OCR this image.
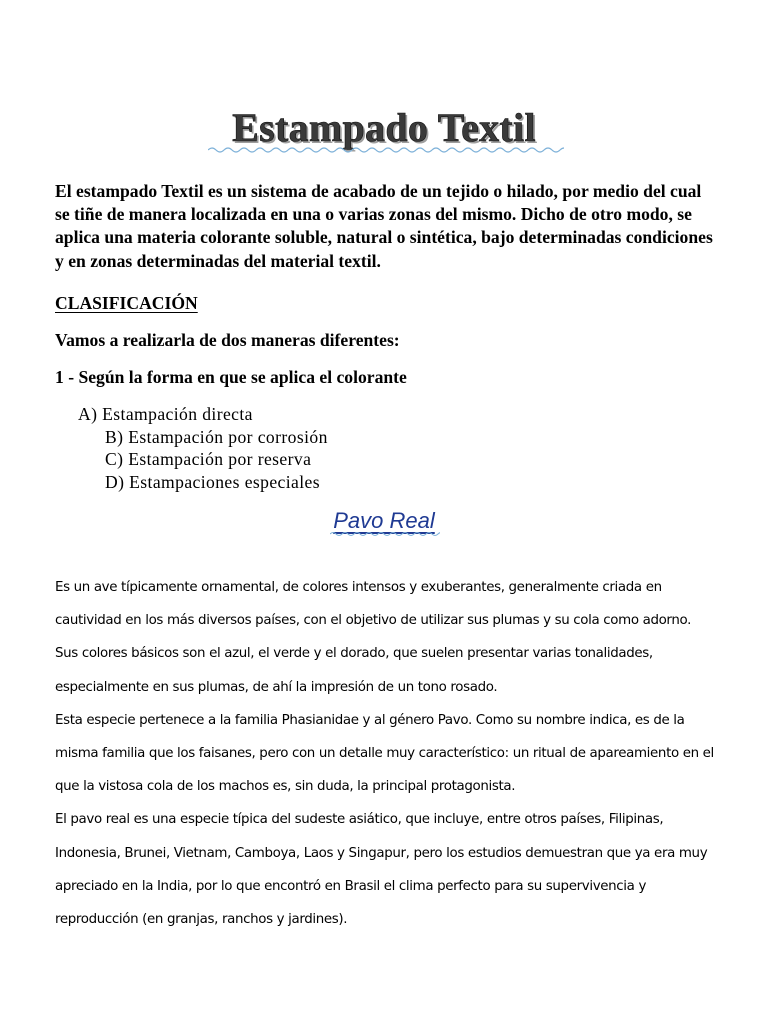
Estampado Textil

El estampado Textil es un sistema de acabado de un tejido o hilado, por medio del cual se tiñe de manera localizada en una o varias zonas del mismo. Dicho de otro modo, se aplica una materia colorante soluble, natural o sintética, bajo determinadas condiciones y en zonas determinadas del material textil.

CLASIFICACIÓN
Vamos a realizarla de dos maneras diferentes:
1 - Según la forma en que se aplica el colorante
A) Estampación directa
B) Estampación por corrosión
C) Estampación por reserva
D) Estampaciones especiales
Pavo Real

Es un ave típicamente ornamental, de colores intensos y exuberantes, generalmente criada en cautividad en los más diversos países, con el objetivo de utilizar sus plumas y su cola como adorno.

Sus colores básicos son el azul, el verde y el dorado, que suelen presentar varias tonalidades, especialmente en sus plumas, de ahí la impresión de un tono rosado.

Esta especie pertenece a la familia Phasianidae y al género Pavo. Como su nombre indica, es de la misma familia que los faisanes, pero con un detalle muy característico: un ritual de apareamiento en el que la vistosa cola de los machos es, sin duda, la principal protagonista.

El pavo real es una especie típica del sudeste asiático, que incluye, entre otros países, Filipinas, Indonesia, Brunei, Vietnam, Camboya, Laos y Singapur, pero los estudios demuestran que ya era muy apreciado en la India, por lo que encontró en Brasil el clima perfecto para su supervivencia y reproducción (en granjas, ranchos y jardines).
